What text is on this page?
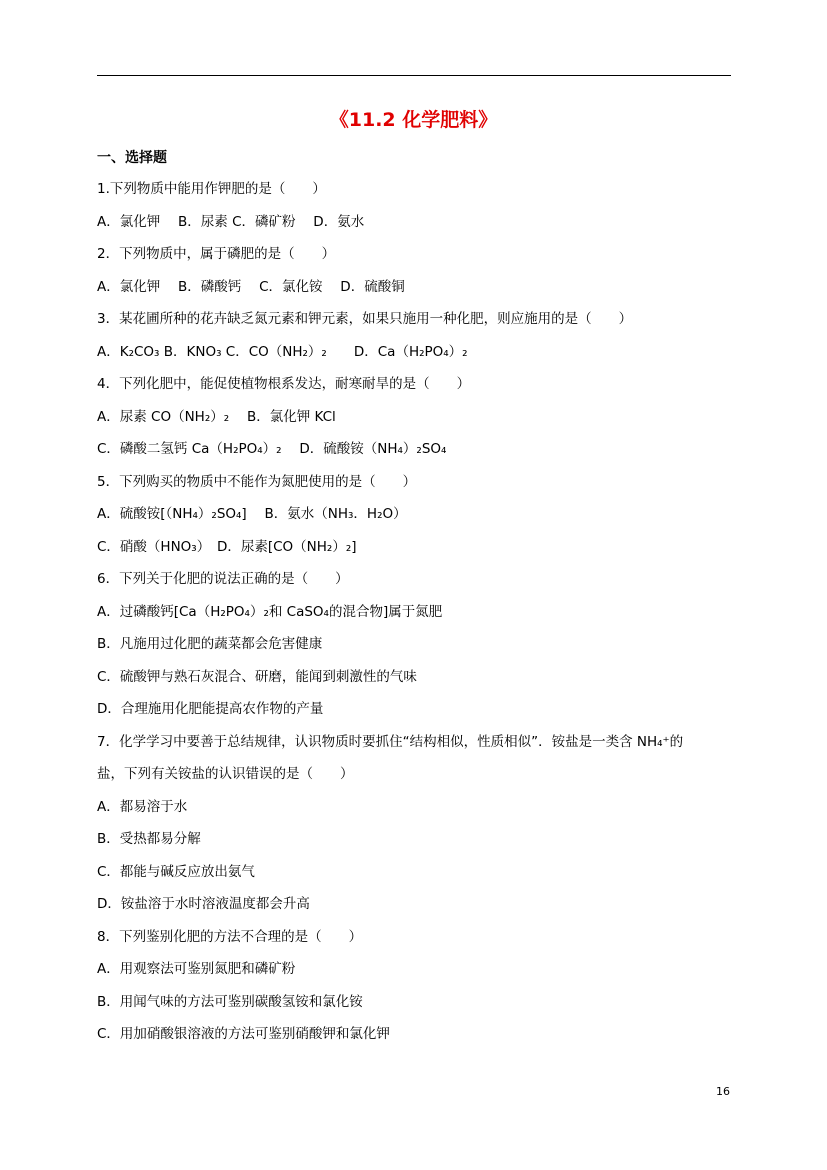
《11.2 化学肥料》
一、选择题
1.下列物质中能用作钾肥的是（　　）
A．氯化钾　 B．尿素 C．磷矿粉　 D．氨水
2．下列物质中，属于磷肥的是（　　）
A．氯化钾　 B．磷酸钙　 C．氯化铵　 D．硫酸铜
3．某花圃所种的花卉缺乏氮元素和钾元素，如果只施用一种化肥，则应施用的是（　　）
A．K₂CO₃ B．KNO₃ C．CO（NH₂）₂　　D．Ca（H₂PO₄）₂
4．下列化肥中，能促使植物根系发达，耐寒耐旱的是（　　）
A．尿素 CO（NH₂）₂　 B．氯化钾 KCl
C．磷酸二氢钙 Ca（H₂PO₄）₂　 D．硫酸铵（NH₄）₂SO₄
5．下列购买的物质中不能作为氮肥使用的是（　　）
A．硫酸铵[（NH₄）₂SO₄]　 B．氨水（NH₃．H₂O）
C．硝酸（HNO₃）　D．尿素[CO（NH₂）₂]
6．下列关于化肥的说法正确的是（　　）
A．过磷酸钙[Ca（H₂PO₄）₂和 CaSO₄的混合物]属于氮肥
B．凡施用过化肥的蔬菜都会危害健康
C．硫酸钾与熟石灰混合、研磨，能闻到刺激性的气味
D．合理施用化肥能提高农作物的产量
7．化学学习中要善于总结规律，认识物质时要抓住“结构相似，性质相似”．铵盐是一类含 NH₄⁺的
盐，下列有关铵盐的认识错误的是（　　）
A．都易溶于水
B．受热都易分解
C．都能与碱反应放出氨气
D．铵盐溶于水时溶液温度都会升高
8．下列鉴别化肥的方法不合理的是（　　）
A．用观察法可鉴别氮肥和磷矿粉
B．用闻气味的方法可鉴别碳酸氢铵和氯化铵
C．用加硝酸银溶液的方法可鉴别硝酸钾和氯化钾
16
